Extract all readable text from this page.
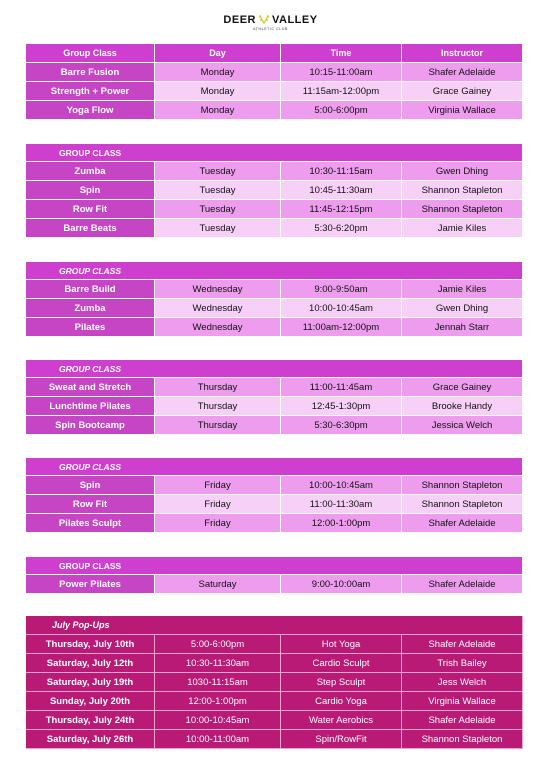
DEER VALLEY
ATHLETIC CLUB
Group Class	Day	Time	Instructor
Barre Fusion	Monday	10:15-11:00am	Shafer Adelaide
Strength + Power	Monday	11:15am-12:00pm	Grace Gainey
Yoga Flow	Monday	5:00-6:00pm	Virginia Wallace
GROUP CLASS			
Zumba	Tuesday	10:30-11:15am	Gwen Dhing
Spin	Tuesday	10:45-11:30am	Shannon Stapleton
Row Fit	Tuesday	11:45-12:15pm	Shannon Stapleton
Barre Beats	Tuesday	5:30-6:20pm	Jamie Kiles
GROUP CLASS			
Barre Build	Wednesday	9:00-9:50am	Jamie Kiles
Zumba	Wednesday	10:00-10:45am	Gwen Dhing
Pilates	Wednesday	11:00am-12:00pm	Jennah Starr
GROUP CLASS			
Sweat and Stretch	Thursday	11:00-11:45am	Grace Gainey
Lunchtime Pilates	Thursday	12:45-1:30pm	Brooke Handy
Spin Bootcamp	Thursday	5:30-6:30pm	Jessica Welch
GROUP CLASS			
Spin	Friday	10:00-10:45am	Shannon Stapleton
Row Fit	Friday	11:00-11:30am	Shannon Stapleton
Pilates Sculpt	Friday	12:00-1:00pm	Shafer Adelaide
GROUP CLASS
Power Pilates	Saturday	9:00-10:00am	Shafer Adelaide
July Pop-Ups			
Thursday, July 10th	5:00-6:00pm	Hot Yoga	Shafer Adelaide
Saturday, July 12th	10:30-11:30am	Cardio Sculpt	Trish Bailey
Saturday, July 19th	1030-11:15am	Step Sculpt	Jess Welch
Sunday, July 20th	12:00-1:00pm	Cardio Yoga	Virginia Wallace
Thursday, July 24th	10:00-10:45am	Water Aerobics	Shafer Adelaide
Saturday, July 26th	10:00-11:00am	Spin/RowFit	Shannon Stapleton
